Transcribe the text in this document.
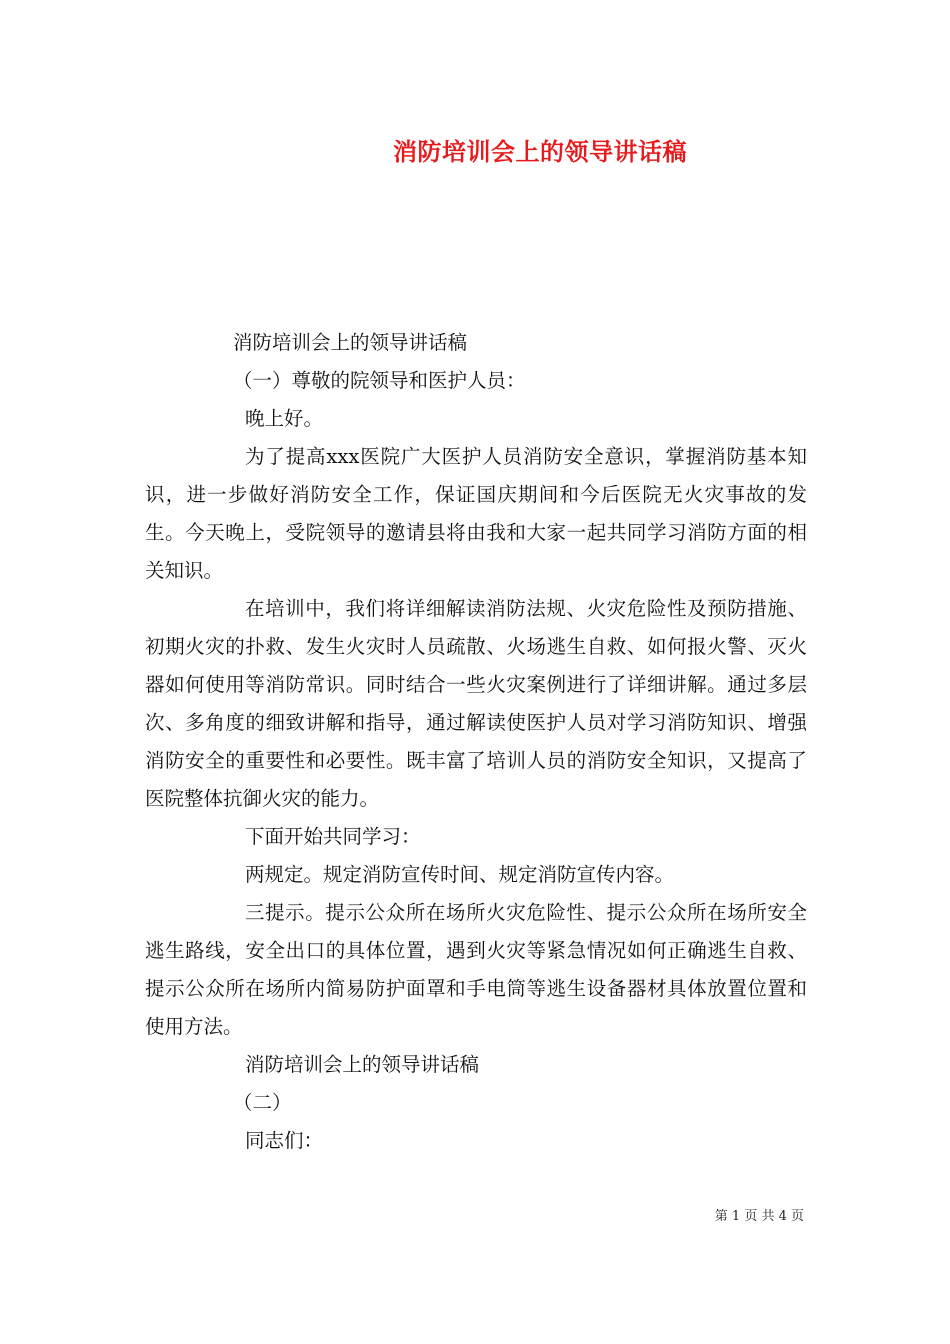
消防培训会上的领导讲话稿

消防培训会上的领导讲话稿

（一）尊敬的院领导和医护人员：

晚上好。

为了提高xxx医院广大医护人员消防安全意识，掌握消防基本知识，进一步做好消防安全工作，保证国庆期间和今后医院无火灾事故的发生。今天晚上，受院领导的邀请县将由我和大家一起共同学习消防方面的相关知识。

在培训中，我们将详细解读消防法规、火灾危险性及预防措施、初期火灾的扑救、发生火灾时人员疏散、火场逃生自救、如何报火警、灭火器如何使用等消防常识。同时结合一些火灾案例进行了详细讲解。通过多层次、多角度的细致讲解和指导，通过解读使医护人员对学习消防知识、增强消防安全的重要性和必要性。既丰富了培训人员的消防安全知识，又提高了医院整体抗御火灾的能力。

下面开始共同学习：

两规定。规定消防宣传时间、规定消防宣传内容。

三提示。提示公众所在场所火灾危险性、提示公众所在场所安全逃生路线，安全出口的具体位置，遇到火灾等紧急情况如何正确逃生自救、提示公众所在场所内简易防护面罩和手电筒等逃生设备器材具体放置位置和使用方法。

消防培训会上的领导讲话稿

（二）

同志们：

第 1 页 共 4 页
